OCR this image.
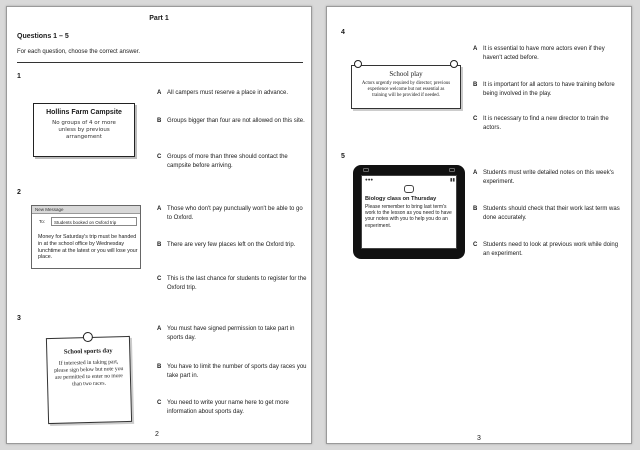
Part 1
Questions 1 – 5
For each question, choose the correct answer.
1
Hollins Farm Campsite
No groups of 4 or more unless by previous arrangement
A All campers must reserve a place in advance.
B Groups bigger than four are not allowed on this site.
C Groups of more than three should contact the campsite before arriving.
2
New Message
To:	Students booked on Oxford trip
Money for Saturday's trip must be handed in at the school office by Wednesday lunchtime at the latest or you will lose your place.
A Those who don't pay punctually won't be able to go to Oxford.
B There are very few places left on the Oxford trip.
C This is the last chance for students to register for the Oxford trip.
3
School sports day
If interested in taking part, please sign below but note you are permitted to enter no more than two races.
A You must have signed permission to take part in sports day.
B You have to limit the number of sports day races you take part in.
C You need to write your name here to get more information about sports day.
2
4
School play
Actors urgently required by director; previous experience welcome but not essential as training will be provided if needed.
A It is essential to have more actors even if they haven't acted before.
B It is important for all actors to have training before being involved in the play.
C It is necessary to find a new director to train the actors.
5
●●●	▮▮
Biology class on Thursday
Please remember to bring last term's work to the lesson as you need to have your notes with you to help you do an experiment.
A Students must write detailed notes on this week's experiment.
B Students should check that their work last term was done accurately.
C Students need to look at previous work while doing an experiment.
3
